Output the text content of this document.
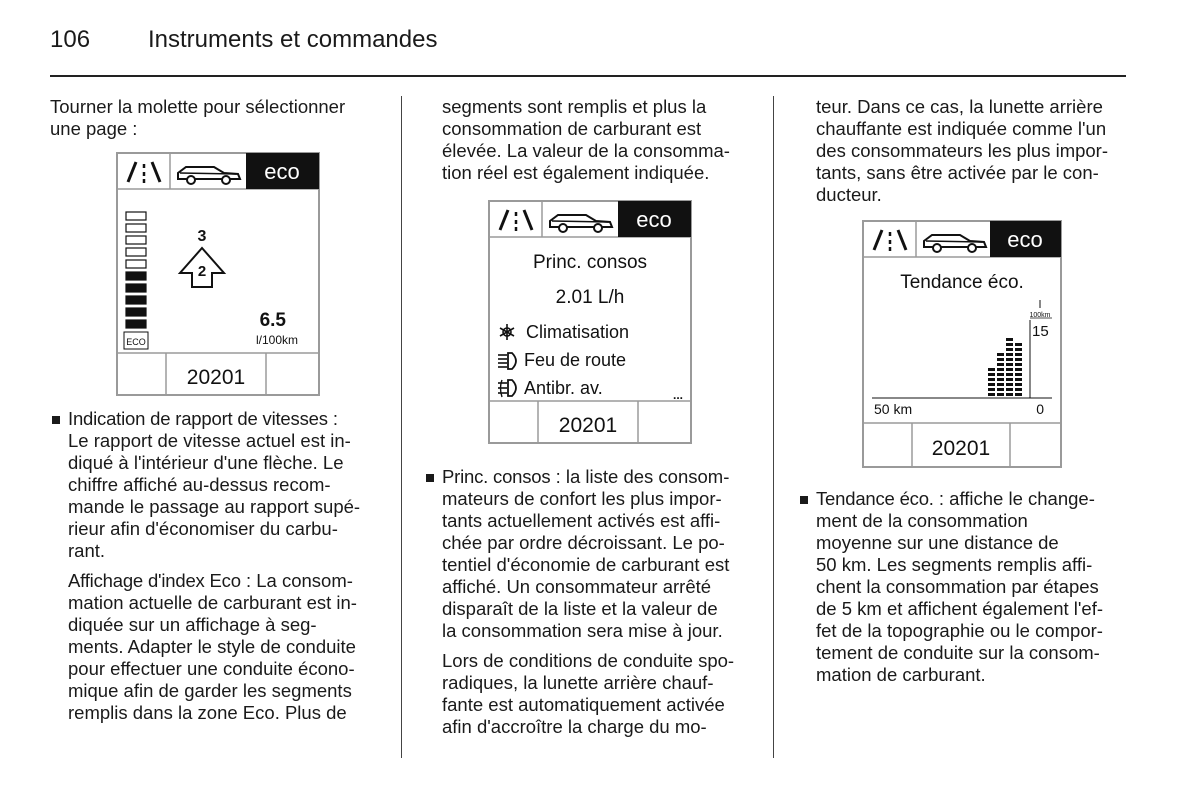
106 Instruments et commandes

Tourner la molette pour sélectionner

une page :

eco
ECO
3
2
6.5
l/100km
20201
Indication de rapport de vitesses :
Le rapport de vitesse actuel est in-
diqué à l'intérieur d'une flèche. Le
chiffre affiché au-dessus recom-
mande le passage au rapport supé-
rieur afin d'économiser du carbu-
rant.
Affichage d'index Eco : La consom-
mation actuelle de carburant est in-
diquée sur un affichage à seg-
ments. Adapter le style de conduite
pour effectuer une conduite écono-
mique afin de garder les segments
remplis dans la zone Eco. Plus de
segments sont remplis et plus la
consommation de carburant est
élevée. La valeur de la consomma-
tion réel est également indiquée.
eco
Princ. consos
2.01 L/h
Climatisation
Feu de route
Antibr. av.	...
20201
Princ. consos : la liste des consom-
mateurs de confort les plus impor-
tants actuellement activés est affi-
chée par ordre décroissant. Le po-
tentiel d'économie de carburant est
affiché. Un consommateur arrêté
disparaît de la liste et la valeur de
la consommation sera mise à jour.
Lors de conditions de conduite spo-
radiques, la lunette arrière chauf-
fante est automatiquement activée
afin d'accroître la charge du mo-
teur. Dans ce cas, la lunette arrière
chauffante est indiquée comme l'un
des consommateurs les plus impor-
tants, sans être activée par le con-
ducteur.
eco
Tendance éco.
100km
15
50 km	0
20201
Tendance éco. : affiche le change-
ment de la consommation
moyenne sur une distance de
50 km. Les segments remplis affi-
chent la consommation par étapes
de 5 km et affichent également l'ef-
fet de la topographie ou le compor-
tement de conduite sur la consom-
mation de carburant.
